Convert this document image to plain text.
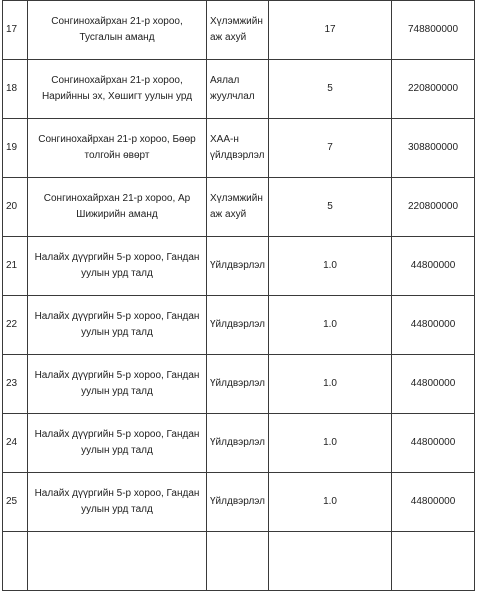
17	Сонгинохайрхан 21-р хороо, Тусгалын аманд	Хүлэмжийн аж ахуй	17	748800000
18	Сонгинохайрхан 21-р хороо, Нарийнны эх, Хөшигт уулын урд	Аялал жуулчлал	5	220800000
19	Сонгинохайрхан 21-р хороо, Бөөр толгойн өвөрт	ХАА-н үйлдвэрлэл	7	308800000
20	Сонгинохайрхан 21-р хороо, Ар Шижирийн аманд	Хүлэмжийн аж ахуй	5	220800000
21	Налайх дүүргийн 5-р хороо, Гандан уулын урд талд	Үйлдвэрлэл	1.0	44800000
22	Налайх дүүргийн 5-р хороо, Гандан уулын урд талд	Үйлдвэрлэл	1.0	44800000
23	Налайх дүүргийн 5-р хороо, Гандан уулын урд талд	Үйлдвэрлэл	1.0	44800000
24	Налайх дүүргийн 5-р хороо, Гандан уулын урд талд	Үйлдвэрлэл	1.0	44800000
25	Налайх дүүргийн 5-р хороо, Гандан уулын урд талд	Үйлдвэрлэл	1.0	44800000
